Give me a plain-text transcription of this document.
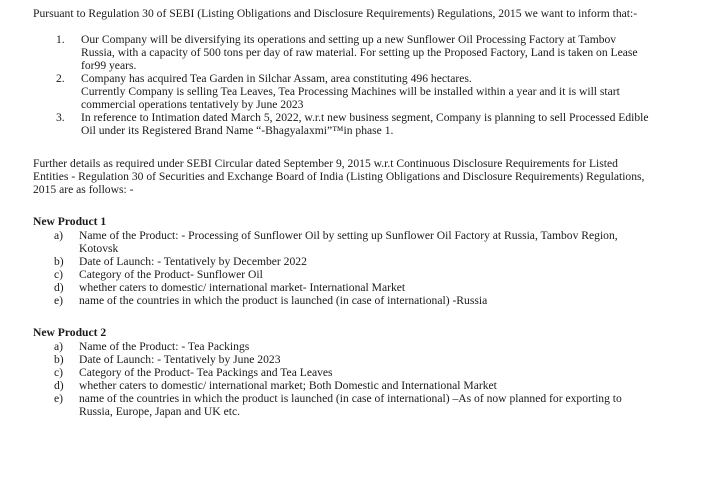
Pursuant to Regulation 30 of SEBI (Listing Obligations and Disclosure Requirements) Regulations, 2015 we want to inform that:-
1.	Our Company will be diversifying its operations and setting up a new Sunflower Oil Processing Factory at Tambov
Russia, with a capacity of 500 tons per day of raw material. For setting up the Proposed Factory, Land is taken on Lease
for99 years.
2.	Company has acquired Tea Garden in Silchar Assam, area constituting 496 hectares.
Currently Company is selling Tea Leaves, Tea Processing Machines will be installed within a year and it is will start
commercial operations tentatively by June 2023
3.	In reference to Intimation dated March 5, 2022, w.r.t new business segment, Company is planning to sell Processed Edible
Oil under its Registered Brand Name “-Bhagyalaxmi”™in phase 1.
Further details as required under SEBI Circular dated September 9, 2015 w.r.t Continuous Disclosure Requirements for Listed
Entities - Regulation 30 of Securities and Exchange Board of India (Listing Obligations and Disclosure Requirements) Regulations,
2015 are as follows: -
New Product 1
a)	Name of the Product: - Processing of Sunflower Oil by setting up Sunflower Oil Factory at Russia, Tambov Region,
Kotovsk
b)	Date of Launch: - Tentatively by December 2022
c)	Category of the Product- Sunflower Oil
d)	whether caters to domestic/ international market- International Market
e)	name of the countries in which the product is launched (in case of international) -Russia
New Product 2
a)	Name of the Product: - Tea Packings
b)	Date of Launch: - Tentatively by June 2023
c)	Category of the Product- Tea Packings and Tea Leaves
d)	whether caters to domestic/ international market; Both Domestic and International Market
e)	name of the countries in which the product is launched (in case of international) –As of now planned for exporting to
Russia, Europe, Japan and UK etc.
